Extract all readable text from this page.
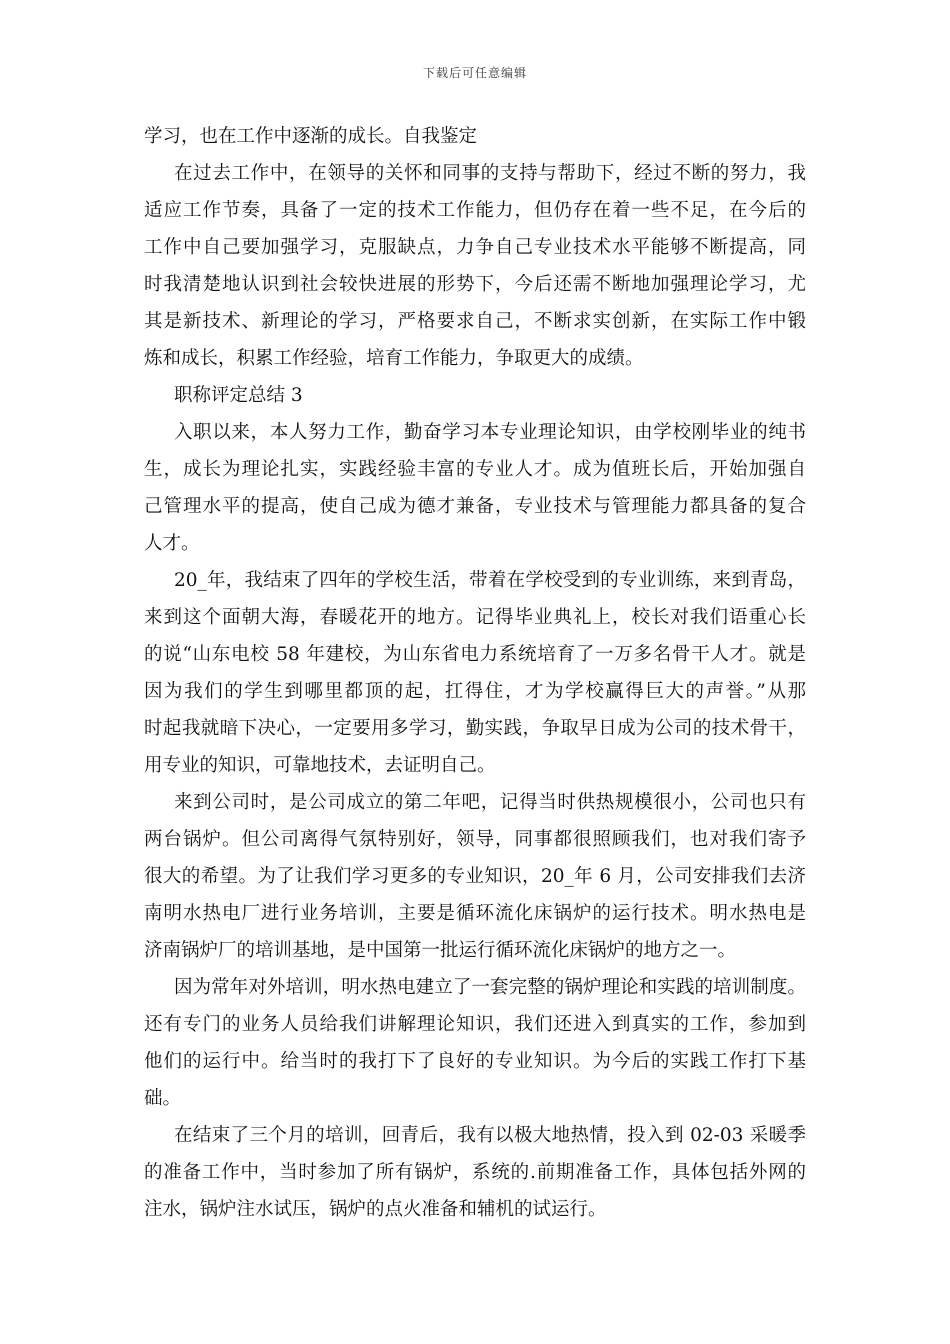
下载后可任意编辑
学习，也在工作中逐渐的成长。自我鉴定
在过去工作中，在领导的关怀和同事的支持与帮助下，经过不断的努力，我
适应工作节奏，具备了一定的技术工作能力，但仍存在着一些不足，在今后的
工作中自己要加强学习，克服缺点，力争自己专业技术水平能够不断提高，同
时我清楚地认识到社会较快进展的形势下，今后还需不断地加强理论学习，尤
其是新技术、新理论的学习，严格要求自己，不断求实创新，在实际工作中锻
炼和成长，积累工作经验，培育工作能力，争取更大的成绩。
职称评定总结 3
入职以来，本人努力工作，勤奋学习本专业理论知识，由学校刚毕业的纯书
生，成长为理论扎实，实践经验丰富的专业人才。成为值班长后，开始加强自
己管理水平的提高，使自己成为德才兼备，专业技术与管理能力都具备的复合
人才。
20_年，我结束了四年的学校生活，带着在学校受到的专业训练，来到青岛，
来到这个面朝大海，春暖花开的地方。记得毕业典礼上，校长对我们语重心长
的说“山东电校 58 年建校，为山东省电力系统培育了一万多名骨干人才。就是
因为我们的学生到哪里都顶的起，扛得住，才为学校赢得巨大的声誉。”从那
时起我就暗下决心，一定要用多学习，勤实践，争取早日成为公司的技术骨干，
用专业的知识，可靠地技术，去证明自己。
来到公司时，是公司成立的第二年吧，记得当时供热规模很小，公司也只有
两台锅炉。但公司离得气氛特别好，领导，同事都很照顾我们，也对我们寄予
很大的希望。为了让我们学习更多的专业知识，20_年 6 月，公司安排我们去济
南明水热电厂进行业务培训，主要是循环流化床锅炉的运行技术。明水热电是
济南锅炉厂的培训基地，是中国第一批运行循环流化床锅炉的地方之一。
因为常年对外培训，明水热电建立了一套完整的锅炉理论和实践的培训制度。
还有专门的业务人员给我们讲解理论知识，我们还进入到真实的工作，参加到
他们的运行中。给当时的我打下了良好的专业知识。为今后的实践工作打下基
础。
在结束了三个月的培训，回青后，我有以极大地热情，投入到 02-03 采暖季
的准备工作中，当时参加了所有锅炉，系统的.前期准备工作，具体包括外网的
注水，锅炉注水试压，锅炉的点火准备和辅机的试运行。
